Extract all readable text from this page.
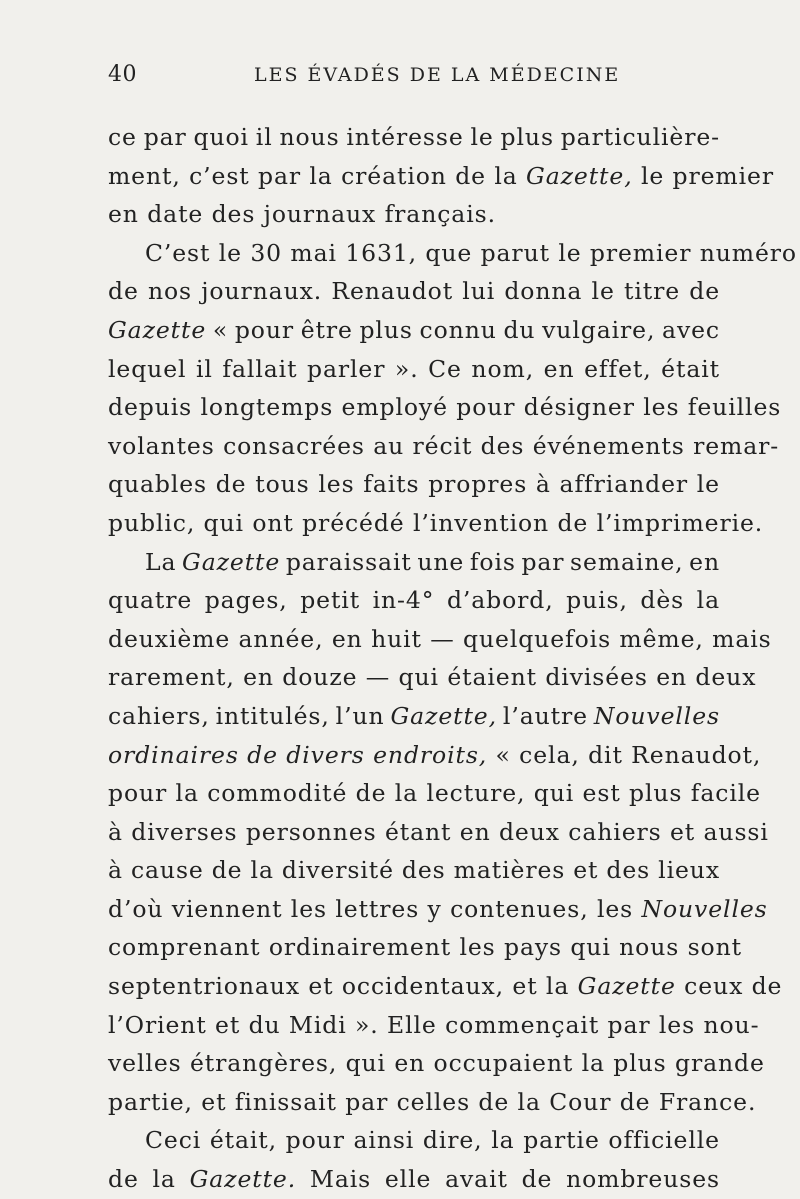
40	LES ÉVADÉS DE LA MÉDECINE
ce par quoi il nous intéresse le plus particulière-
ment, c’est par la création de la Gazette, le premier
en date des journaux français.
C’est le 30 mai 1631, que parut le premier numéro
de nos journaux. Renaudot lui donna le titre de
Gazette « pour être plus connu du vulgaire, avec
lequel il fallait parler ». Ce nom, en effet, était
depuis longtemps employé pour désigner les feuilles
volantes consacrées au récit des événements remar-
quables de tous les faits propres à affriander le
public, qui ont précédé l’invention de l’imprimerie.
La Gazette paraissait une fois par semaine, en
quatre pages, petit in-4° d’abord, puis, dès la
deuxième année, en huit — quelquefois même, mais
rarement, en douze — qui étaient divisées en deux
cahiers, intitulés, l’un Gazette, l’autre Nouvelles
ordinaires de divers endroits, « cela, dit Renaudot,
pour la commodité de la lecture, qui est plus facile
à diverses personnes étant en deux cahiers et aussi
à cause de la diversité des matières et des lieux
d’où viennent les lettres y contenues, les Nouvelles
comprenant ordinairement les pays qui nous sont
septentrionaux et occidentaux, et la Gazette ceux de
l’Orient et du Midi ». Elle commençait par les nou-
velles étrangères, qui en occupaient la plus grande
partie, et finissait par celles de la Cour de France.
Ceci était, pour ainsi dire, la partie officielle
de la Gazette. Mais elle avait de nombreuses
